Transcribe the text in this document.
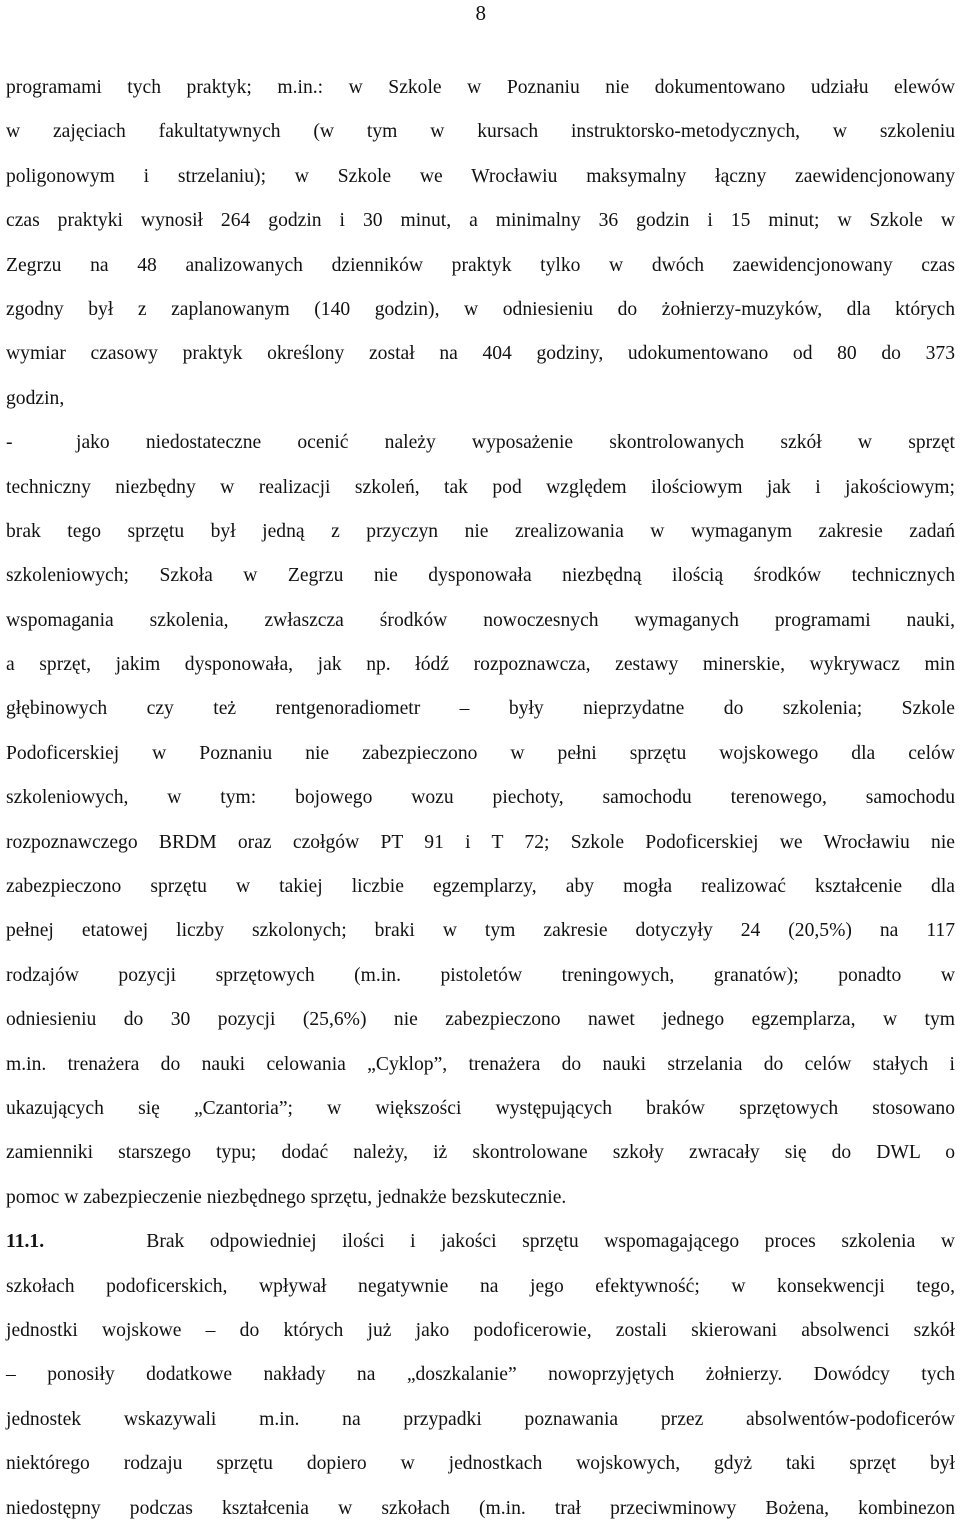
8
programami tych praktyk; m.in.: w Szkole w Poznaniu nie dokumentowano udziału elewów
w zajęciach fakultatywnych (w tym w kursach instruktorsko-metodycznych, w szkoleniu
poligonowym i strzelaniu); w Szkole we Wrocławiu maksymalny łączny zaewidencjonowany
czas praktyki wynosił 264 godzin i 30 minut, a minimalny 36 godzin i 15 minut; w Szkole w
Zegrzu na 48 analizowanych dzienników praktyk tylko w dwóch zaewidencjonowany czas
zgodny był z zaplanowanym (140 godzin), w odniesieniu do żołnierzy-muzyków, dla których
wymiar czasowy praktyk określony został na 404 godziny, udokumentowano od 80 do 373
godzin,
-	jako niedostateczne ocenić należy wyposażenie skontrolowanych szkół w sprzęt
techniczny niezbędny w realizacji szkoleń, tak pod względem ilościowym jak i jakościowym;
brak tego sprzętu był jedną z przyczyn nie zrealizowania w wymaganym zakresie zadań
szkoleniowych; Szkoła w Zegrzu nie dysponowała niezbędną ilością środków technicznych
wspomagania szkolenia, zwłaszcza środków nowoczesnych wymaganych programami nauki,
a sprzęt, jakim dysponowała, jak np. łódź rozpoznawcza, zestawy minerskie, wykrywacz min
głębinowych czy też rentgenoradiometr – były nieprzydatne do szkolenia; Szkole
Podoficerskiej w Poznaniu nie zabezpieczono w pełni sprzętu wojskowego dla celów
szkoleniowych, w tym: bojowego wozu piechoty, samochodu terenowego, samochodu
rozpoznawczego BRDM oraz czołgów PT 91 i T 72; Szkole Podoficerskiej we Wrocławiu nie
zabezpieczono sprzętu w takiej liczbie egzemplarzy, aby mogła realizować kształcenie dla
pełnej etatowej liczby szkolonych; braki w tym zakresie dotyczyły 24 (20,5%) na 117
rodzajów pozycji sprzętowych (m.in. pistoletów treningowych, granatów); ponadto w
odniesieniu do 30 pozycji (25,6%) nie zabezpieczono nawet jednego egzemplarza, w tym
m.in. trenażera do nauki celowania „Cyklop”, trenażera do nauki strzelania do celów stałych i
ukazujących się „Czantoria”; w większości występujących braków sprzętowych stosowano
zamienniki starszego typu; dodać należy, iż skontrolowane szkoły zwracały się do DWL o
pomoc w zabezpieczenie niezbędnego sprzętu, jednakże bezskutecznie.
11.1.	Brak odpowiedniej ilości i jakości sprzętu wspomagającego proces szkolenia w
szkołach podoficerskich, wpływał negatywnie na jego efektywność; w konsekwencji tego,
jednostki wojskowe – do których już jako podoficerowie, zostali skierowani absolwenci szkół
– ponosiły dodatkowe nakłady na „doszkalanie” nowoprzyjętych żołnierzy. Dowódcy tych
jednostek wskazywali m.in. na przypadki poznawania przez absolwentów-podoficerów
niektórego rodzaju sprzętu dopiero w jednostkach wojskowych, gdyż taki sprzęt był
niedostępny podczas kształcenia w szkołach (m.in. trał przeciwminowy Bożena, kombinezon
